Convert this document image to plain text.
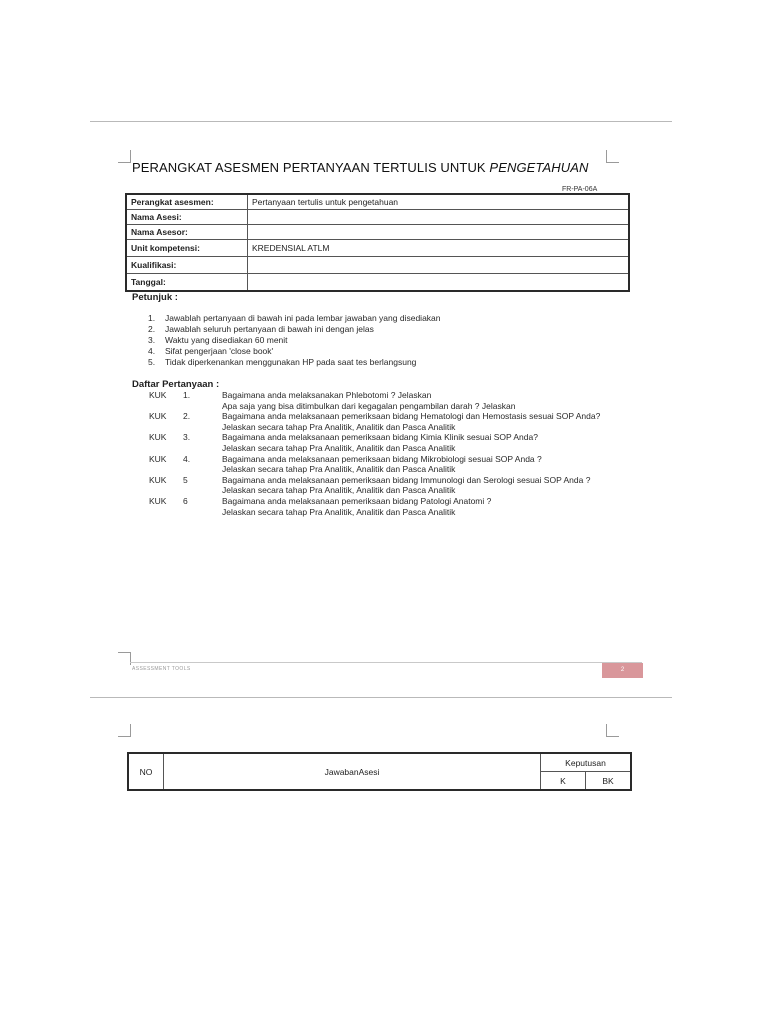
PERANGKAT ASESMEN PERTANYAAN TERTULIS UNTUK PENGETAHUAN
FR-PA-06A
Perangkat asesmen:	Pertanyaan tertulis untuk pengetahuan
Nama Asesi:	
Nama Asesor:	
Unit kompetensi:	KREDENSIAL ATLM
Kualifikasi:	
Tanggal:	
Petunjuk :
1.	Jawablah pertanyaan di bawah ini pada lembar jawaban yang disediakan
2.	Jawablah seluruh pertanyaan di bawah ini dengan jelas
3.	Waktu yang disediakan 60 menit
4.	Sifat pengerjaan 'close book'
5.	Tidak diperkenankan menggunakan HP pada saat tes berlangsung
Daftar Pertanyaan :
KUK	1.	Bagaimana anda melaksanakan Phlebotomi ? Jelaskan
Apa saja yang bisa ditimbulkan dari kegagalan pengambilan darah ? Jelaskan
KUK	2.	Bagaimana anda melaksanaan pemeriksaan bidang Hematologi dan Hemostasis sesuai SOP Anda?
Jelaskan secara tahap Pra Analitik, Analitik dan Pasca Analitik
KUK	3.	Bagaimana anda melaksanaan pemeriksaan bidang Kimia Klinik sesuai SOP Anda?
Jelaskan secara tahap Pra Analitik, Analitik dan Pasca Analitik
KUK	4.	Bagaimana anda melaksanaan pemeriksaan bidang Mikrobiologi sesuai SOP Anda ?
Jelaskan secara tahap Pra Analitik, Analitik dan Pasca Analitik
KUK	5	Bagaimana anda melaksanaan pemeriksaan bidang Immunologi dan Serologi sesuai SOP Anda ?
Jelaskan secara tahap Pra Analitik, Analitik dan Pasca Analitik
KUK	6	Bagaimana anda melaksanaan pemeriksaan bidang Patologi Anatomi ?
Jelaskan secara tahap Pra Analitik, Analitik dan Pasca Analitik
ASSESSMENT TOOLS	2
NO	JawabanAsesi	Keputusan	
		K	BK
